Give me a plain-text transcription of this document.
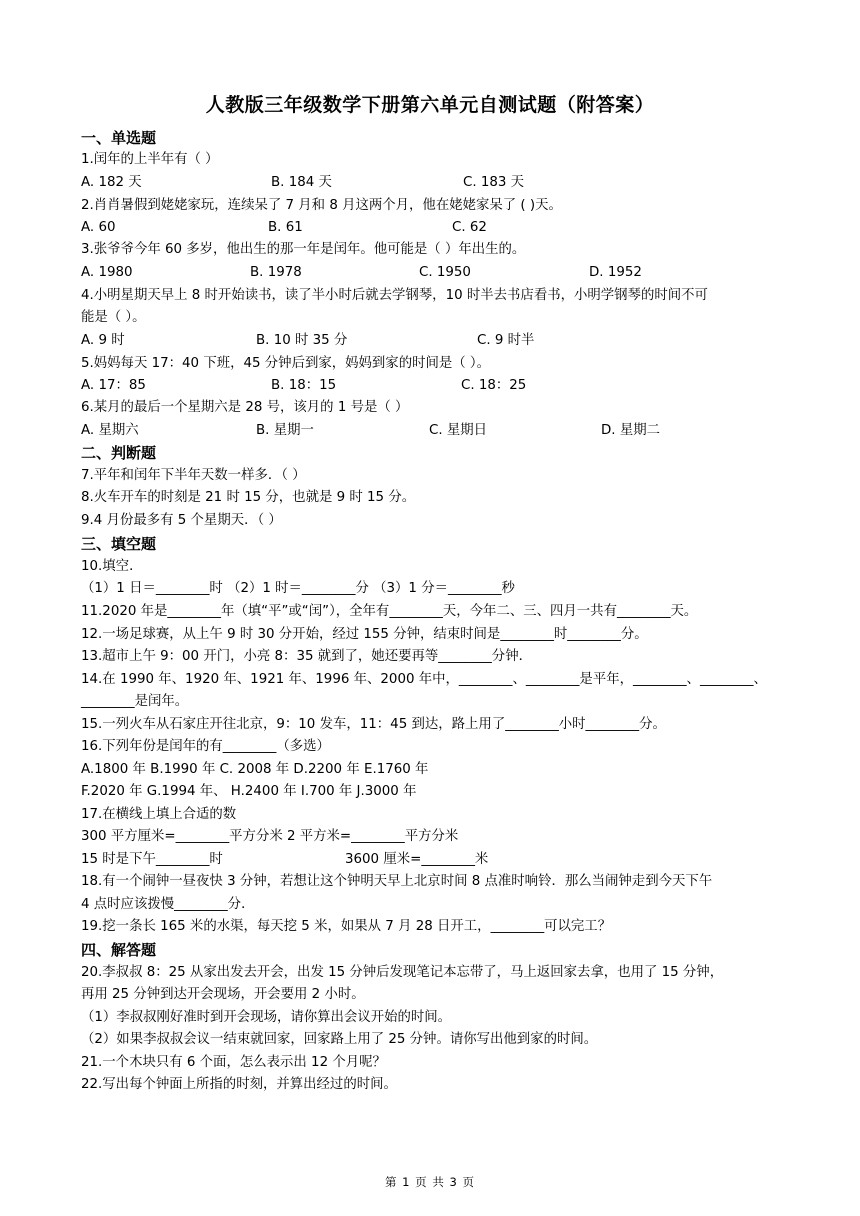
人教版三年级数学下册第六单元自测试题（附答案）
一、单选题
1.闰年的上半年有（ ）
A. 182 天	B. 184 天	C. 183 天
2.肖肖暑假到姥姥家玩，连续呆了 7 月和 8 月这两个月，他在姥姥家呆了 ( )天。
A. 60	B. 61	C. 62
3.张爷爷今年 60 多岁，他出生的那一年是闰年。他可能是（ ）年出生的。
A. 1980	B. 1978	C. 1950	D. 1952
4.小明星期天早上 8 时开始读书，读了半小时后就去学钢琴，10 时半去书店看书，小明学钢琴的时间不可
能是（ ）。
A. 9 时	B. 10 时 35 分	C. 9 时半
5.妈妈每天 17：40 下班，45 分钟后到家，妈妈到家的时间是（ ）。
A. 17：85	B. 18：15	C. 18：25
6.某月的最后一个星期六是 28 号，该月的 1 号是（ ）
A. 星期六	B. 星期一	C. 星期日	D. 星期二
二、判断题
7.平年和闰年下半年天数一样多．（ ）
8.火车开车的时刻是 21 时 15 分，也就是 9 时 15 分。
9.4 月份最多有 5 个星期天．（ ）
三、填空题
10.填空．
（1）1 日＝________时 （2）1 时＝________分 （3）1 分＝________秒
11.2020 年是________年（填“平”或“闰”），全年有________天，今年二、三、四月一共有________天。
12.一场足球赛，从上午 9 时 30 分开始，经过 155 分钟，结束时间是________时________分。
13.超市上午 9：00 开门，小亮 8：35 就到了，她还要再等________分钟．
14.在 1990 年、1920 年、1921 年、1996 年、2000 年中，________、________是平年，________、________、
________是闰年。
15.一列火车从石家庄开往北京，9：10 发车，11：45 到达，路上用了________小时________分。
16.下列年份是闰年的有________（多选）
A.1800 年 B.1990 年 C. 2008 年 D.2200 年 E.1760 年
F.2020 年 G.1994 年、 H.2400 年 I.700 年 J.3000 年
17.在横线上填上合适的数
300 平方厘米=________平方分米 2 平方米=________平方分米
15 时是下午________时	3600 厘米=________米
18.有一个闹钟一昼夜快 3 分钟，若想让这个钟明天早上北京时间 8 点准时响铃．那么当闹钟走到今天下午
4 点时应该拨慢________分．
19.挖一条长 165 米的水渠，每天挖 5 米，如果从 7 月 28 日开工，________可以完工？
四、解答题
20.李叔叔 8：25 从家出发去开会，出发 15 分钟后发现笔记本忘带了，马上返回家去拿，也用了 15 分钟，
再用 25 分钟到达开会现场，开会要用 2 小时。
（1）李叔叔刚好准时到开会现场，请你算出会议开始的时间。
（2）如果李叔叔会议一结束就回家，回家路上用了 25 分钟。请你写出他到家的时间。
21.一个木块只有 6 个面，怎么表示出 12 个月呢？
22.写出每个钟面上所指的时刻，并算出经过的时间。
第 1 页 共 3 页
